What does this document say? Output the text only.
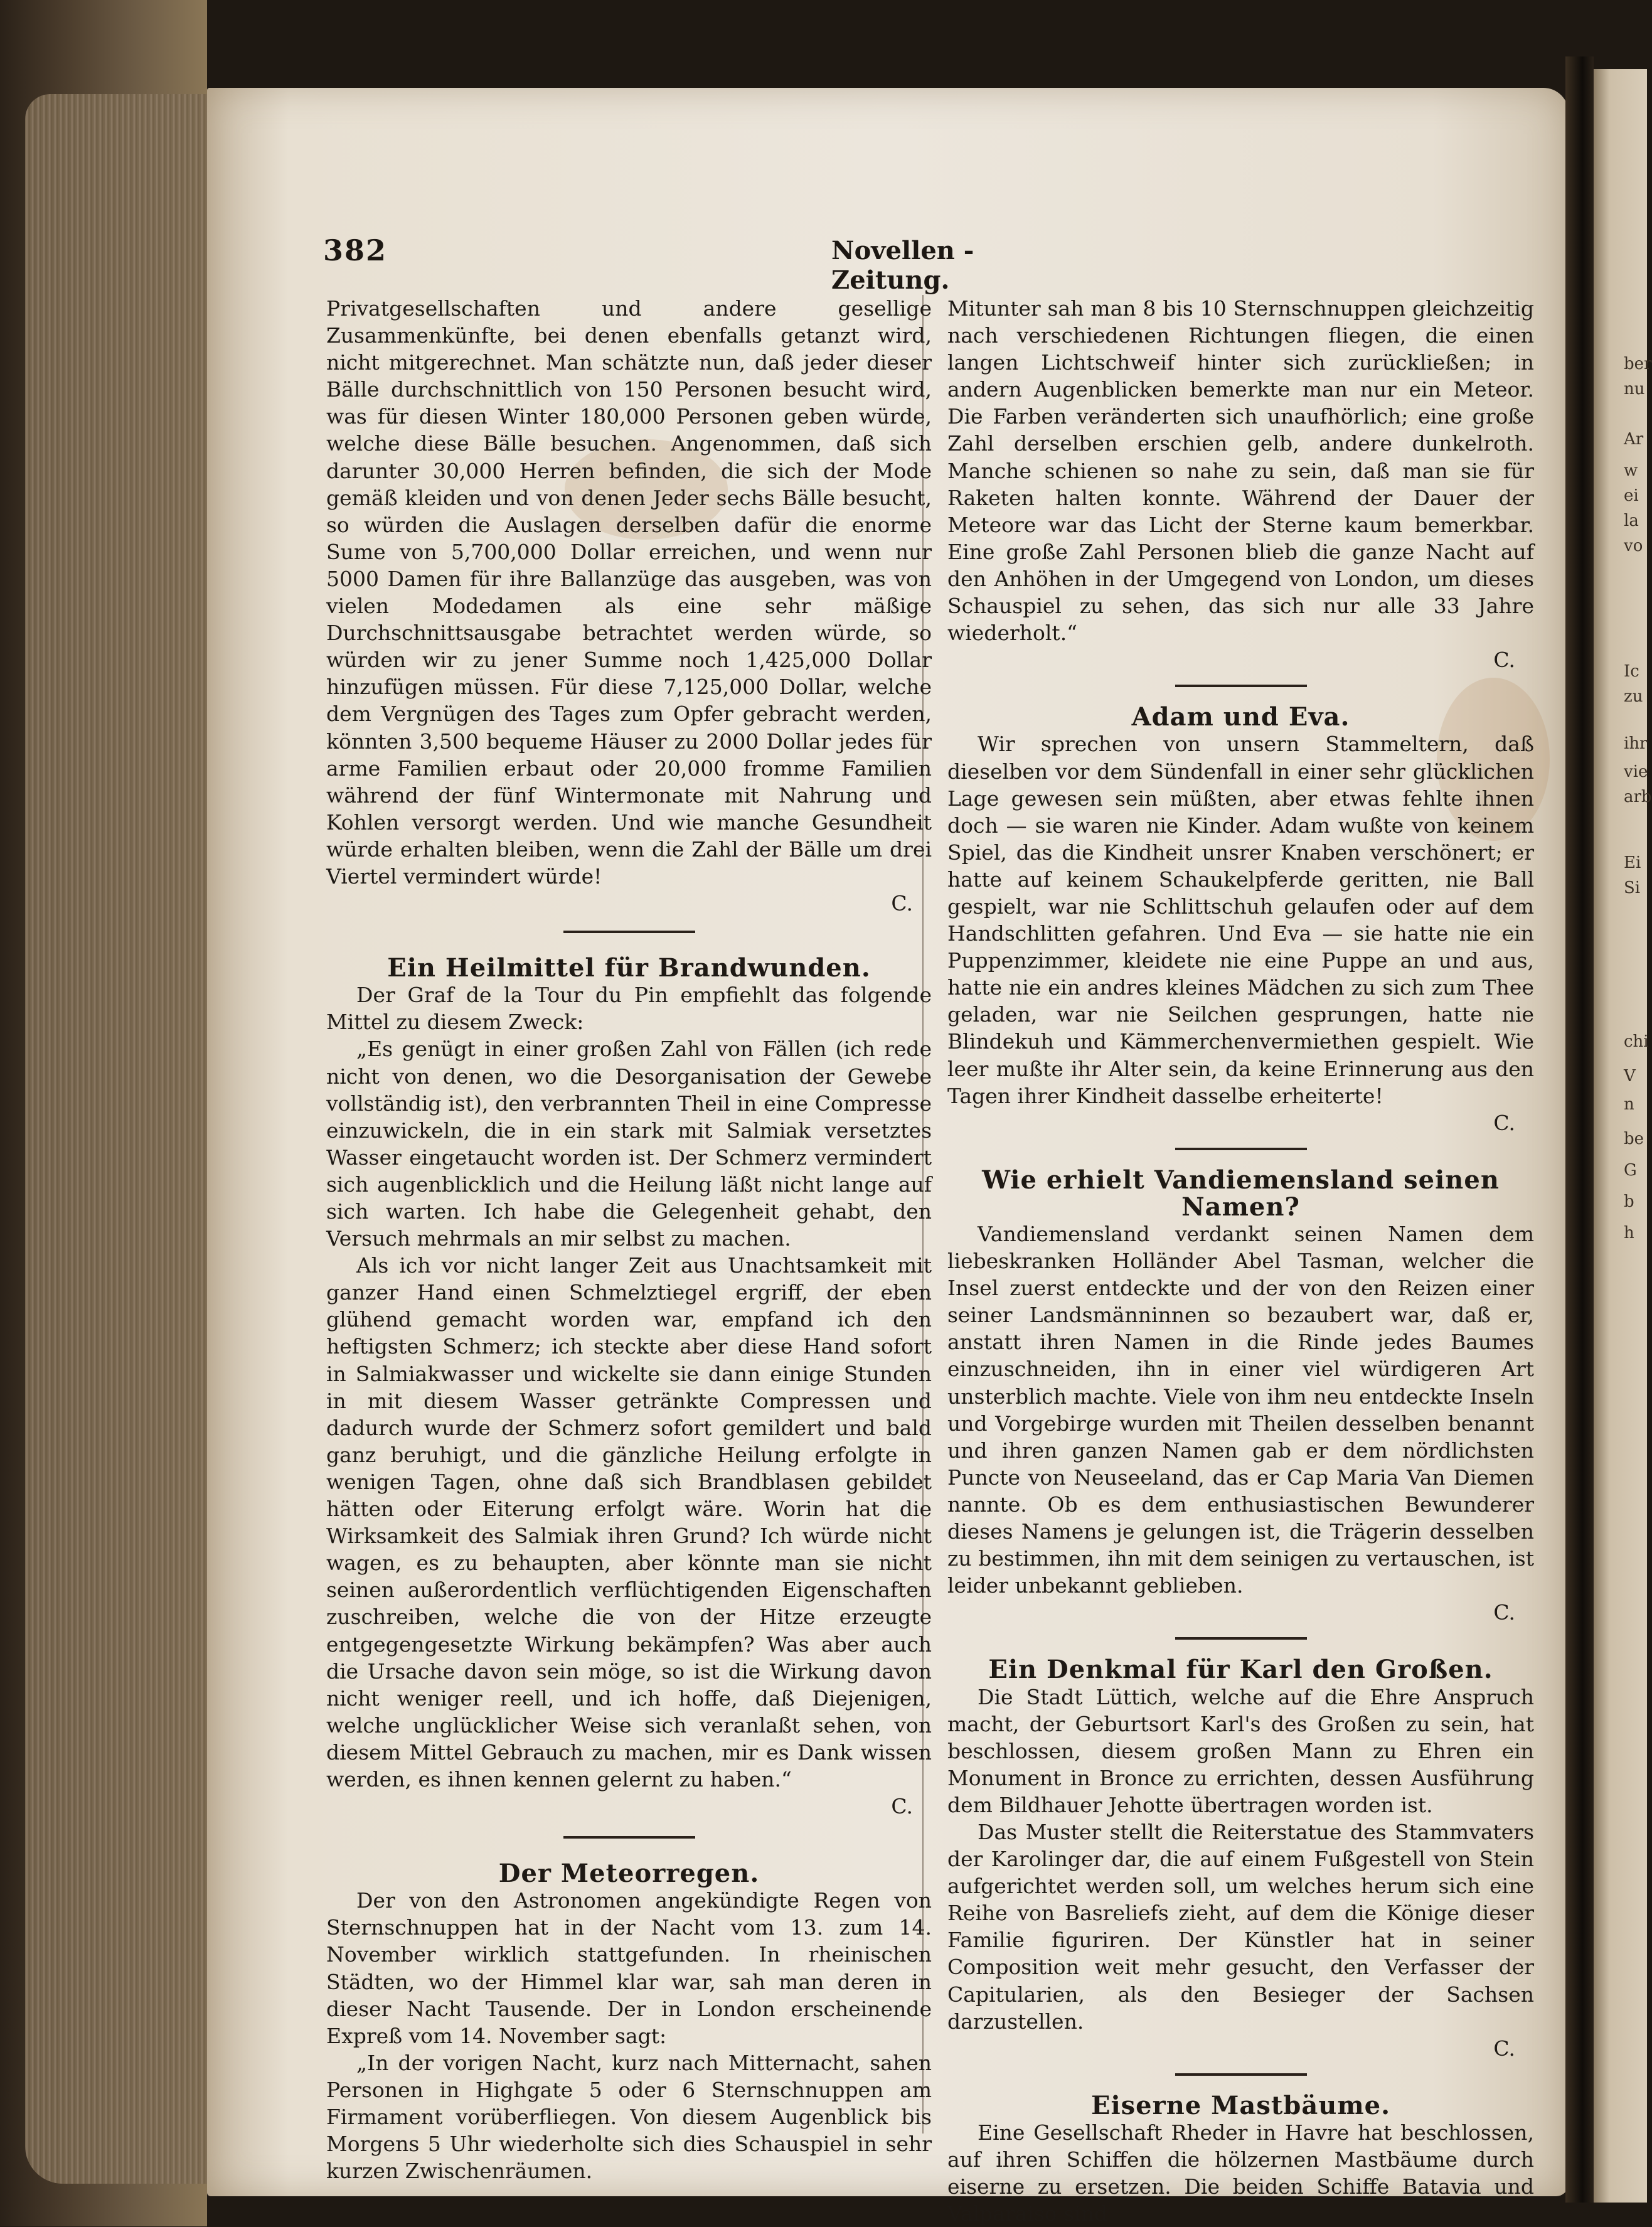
ber
nu
Ar
w
ei
la
vo
Ic
zu
ihr
vie
arb
Ei
Si
chi
V
n
be
G
b
h
382	Novellen - Zeitung.

Privatgesellschaften und andere gesellige Zusammenkünfte, bei denen ebenfalls getanzt wird, nicht mitgerechnet. Man schätzte nun, daß jeder dieser Bälle durchschnittlich von 150 Personen besucht wird, was für diesen Winter 180,000 Personen geben würde, welche diese Bälle besuchen. Angenommen, daß sich darunter 30,000 Herren befinden, die sich der Mode gemäß kleiden und von denen Jeder sechs Bälle besucht, so würden die Auslagen derselben dafür die enorme Sume von 5,700,000 Dollar erreichen, und wenn nur 5000 Damen für ihre Ballanzüge das ausgeben, was von vielen Modedamen als eine sehr mäßige Durchschnittsausgabe betrachtet werden würde, so würden wir zu jener Summe noch 1,425,000 Dollar hinzufügen müssen. Für diese 7,125,000 Dollar, welche dem Vergnügen des Tages zum Opfer gebracht werden, könnten 3,500 bequeme Häuser zu 2000 Dollar jedes für arme Familien erbaut oder 20,000 fromme Familien während der fünf Wintermonate mit Nahrung und Kohlen versorgt werden. Und wie manche Gesundheit würde erhalten bleiben, wenn die Zahl der Bälle um drei Viertel vermindert würde!

C.

Ein Heilmittel für Brandwunden.

Der Graf de la Tour du Pin empfiehlt das folgende Mittel zu diesem Zweck:

„Es genügt in einer großen Zahl von Fällen (ich rede nicht von denen, wo die Desorganisation der Gewebe vollständig ist), den verbrannten Theil in eine Compresse einzuwickeln, die in ein stark mit Salmiak versetztes Wasser eingetaucht worden ist. Der Schmerz vermindert sich augenblicklich und die Heilung läßt nicht lange auf sich warten. Ich habe die Gelegenheit gehabt, den Versuch mehrmals an mir selbst zu machen.

Als ich vor nicht langer Zeit aus Unachtsamkeit mit ganzer Hand einen Schmelztiegel ergriff, der eben glühend gemacht worden war, empfand ich den heftigsten Schmerz; ich steckte aber diese Hand sofort in Salmiakwasser und wickelte sie dann einige Stunden in mit diesem Wasser getränkte Compressen und dadurch wurde der Schmerz sofort gemildert und bald ganz beruhigt, und die gänzliche Heilung erfolgte in wenigen Tagen, ohne daß sich Brandblasen gebildet hätten oder Eiterung erfolgt wäre. Worin hat die Wirksamkeit des Salmiak ihren Grund? Ich würde nicht wagen, es zu behaupten, aber könnte man sie nicht seinen außerordentlich verflüchtigenden Eigenschaften zuschreiben, welche die von der Hitze erzeugte entgegengesetzte Wirkung bekämpfen? Was aber auch die Ursache davon sein möge, so ist die Wirkung davon nicht weniger reell, und ich hoffe, daß Diejenigen, welche unglücklicher Weise sich veranlaßt sehen, von diesem Mittel Gebrauch zu machen, mir es Dank wissen werden, es ihnen kennen gelernt zu haben.“

C.

Der Meteorregen.

Der von den Astronomen angekündigte Regen von Sternschnuppen hat in der Nacht vom 13. zum 14. November wirklich stattgefunden. In rheinischen Städten, wo der Himmel klar war, sah man deren in dieser Nacht Tausende. Der in London erscheinende Expreß vom 14. November sagt:

„In der vorigen Nacht, kurz nach Mitternacht, sahen Personen in Highgate 5 oder 6 Sternschnuppen am Firmament vorüberfliegen. Von diesem Augenblick bis Morgens 5 Uhr wiederholte sich dies Schauspiel in sehr kurzen Zwischenräumen.

Mitunter sah man 8 bis 10 Sternschnuppen gleichzeitig nach verschiedenen Richtungen fliegen, die einen langen Lichtschweif hinter sich zurückließen; in andern Augenblicken bemerkte man nur ein Meteor. Die Farben veränderten sich unaufhörlich; eine große Zahl derselben erschien gelb, andere dunkelroth. Manche schienen so nahe zu sein, daß man sie für Raketen halten konnte. Während der Dauer der Meteore war das Licht der Sterne kaum bemerkbar. Eine große Zahl Personen blieb die ganze Nacht auf den Anhöhen in der Umgegend von London, um dieses Schauspiel zu sehen, das sich nur alle 33 Jahre wiederholt.“

C.

Adam und Eva.

Wir sprechen von unsern Stammeltern, daß dieselben vor dem Sündenfall in einer sehr glücklichen Lage gewesen sein müßten, aber etwas fehlte ihnen doch — sie waren nie Kinder. Adam wußte von keinem Spiel, das die Kindheit unsrer Knaben verschönert; er hatte auf keinem Schaukelpferde geritten, nie Ball gespielt, war nie Schlittschuh gelaufen oder auf dem Handschlitten gefahren. Und Eva — sie hatte nie ein Puppenzimmer, kleidete nie eine Puppe an und aus, hatte nie ein andres kleines Mädchen zu sich zum Thee geladen, war nie Seilchen gesprungen, hatte nie Blindekuh und Kämmerchenvermiethen gespielt. Wie leer mußte ihr Alter sein, da keine Erinnerung aus den Tagen ihrer Kindheit dasselbe erheiterte!

C.

Wie erhielt Vandiemensland seinen Namen?

Vandiemensland verdankt seinen Namen dem liebeskranken Holländer Abel Tasman, welcher die Insel zuerst entdeckte und der von den Reizen einer seiner Landsmänninnen so bezaubert war, daß er, anstatt ihren Namen in die Rinde jedes Baumes einzuschneiden, ihn in einer viel würdigeren Art unsterblich machte. Viele von ihm neu entdeckte Inseln und Vorgebirge wurden mit Theilen desselben benannt und ihren ganzen Namen gab er dem nördlichsten Puncte von Neuseeland, das er Cap Maria Van Diemen nannte. Ob es dem enthusiastischen Bewunderer dieses Namens je gelungen ist, die Trägerin desselben zu bestimmen, ihn mit dem seinigen zu vertauschen, ist leider unbekannt geblieben.

C.

Ein Denkmal für Karl den Großen.

Die Stadt Lüttich, welche auf die Ehre Anspruch macht, der Geburtsort Karl's des Großen zu sein, hat beschlossen, diesem großen Mann zu Ehren ein Monument in Bronce zu errichten, dessen Ausführung dem Bildhauer Jehotte übertragen worden ist.

Das Muster stellt die Reiterstatue des Stammvaters der Karolinger dar, die auf einem Fußgestell von Stein aufgerichtet werden soll, um welches herum sich eine Reihe von Basreliefs zieht, auf dem die Könige dieser Familie figuriren. Der Künstler hat in seiner Composition weit mehr gesucht, den Verfasser der Capitularien, als den Besieger der Sachsen darzustellen.

C.

Eiserne Mastbäume.

Eine Gesellschaft Rheder in Havre hat beschlossen, auf ihren Schiffen die hölzernen Mastbäume durch eiserne zu ersetzen. Die beiden Schiffe Batavia und Valparaiso sind
